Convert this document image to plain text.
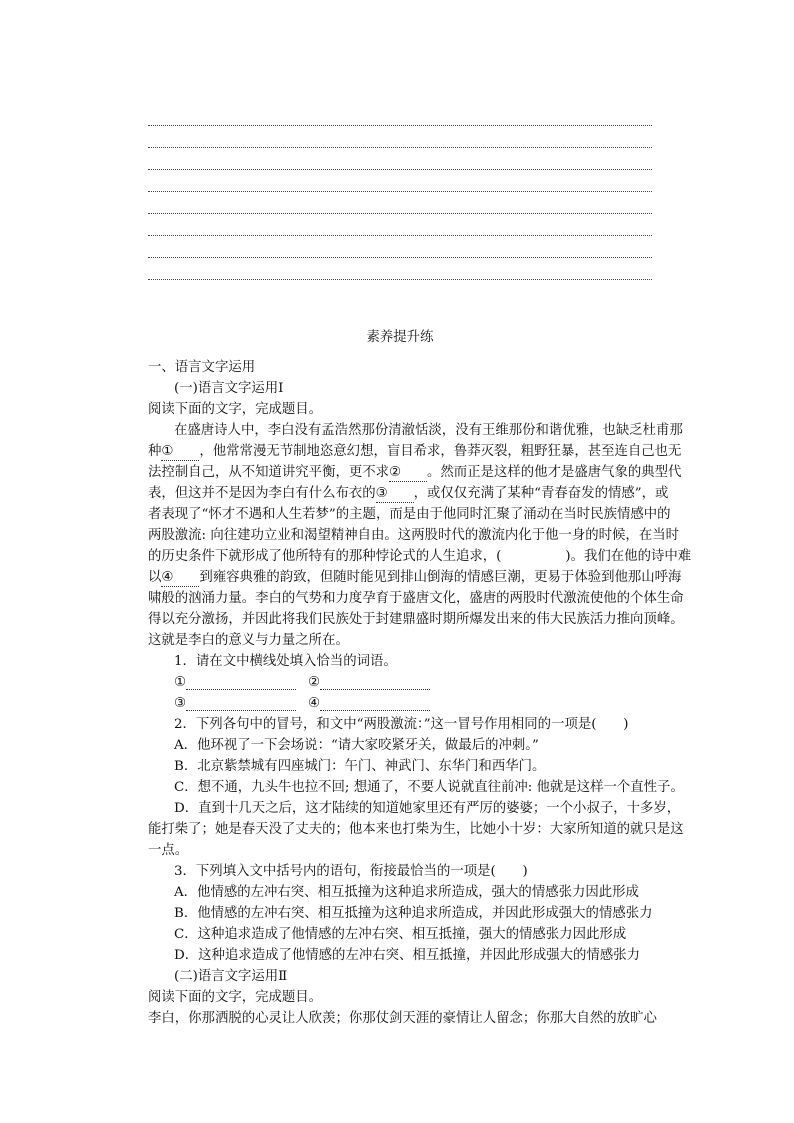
素养提升练
一、语言文字运用
(一)语言文字运用Ⅰ
阅读下面的文字，完成题目。
在盛唐诗人中，李白没有孟浩然那份清澈恬淡，没有王维那份和谐优雅，也缺乏杜甫那
种① ，他常常漫无节制地恣意幻想，盲目希求，鲁莽灭裂，粗野狂暴，甚至连自己也无
法控制自己，从不知道讲究平衡，更不求② 。然而正是这样的他才是盛唐气象的典型代
表，但这并不是因为李白有什么布衣的③ ，或仅仅充满了某种“青春奋发的情感”，或
者表现了“怀才不遇和人生若梦”的主题，而是由于他同时汇聚了涌动在当时民族情感中的
两股激流: 向往建功立业和渴望精神自由。这两股时代的激流内化于他一身的时候，在当时
的历史条件下就形成了他所特有的那种悖论式的人生追求，(	)。我们在他的诗中难
以④ 到雍容典雅的韵致，但随时能见到排山倒海的情感巨潮，更易于体验到他那山呼海
啸般的汹涌力量。李白的气势和力度孕育于盛唐文化，盛唐的两股时代激流使他的个体生命
得以充分激扬，并因此将我们民族处于封建鼎盛时期所爆发出来的伟大民族活力推向顶峰。
这就是李白的意义与力量之所在。
1．请在文中横线处填入恰当的词语。
①	②
③	④
2．下列各句中的冒号，和文中“两股激流：”这一冒号作用相同的一项是(　　)
A．他环视了一下会场说：“请大家咬紧牙关，做最后的冲刺。”
B．北京紫禁城有四座城门：午门、神武门、东华门和西华门。
C．想不通，九头牛也拉不回; 想通了，不要人说就直往前冲: 他就是这样一个直性子。
D．直到十几天之后，这才陆续的知道她家里还有严厉的婆婆；一个小叔子，十多岁，
能打柴了；她是春天没了丈夫的；他本来也打柴为生，比她小十岁：大家所知道的就只是这
一点。
3．下列填入文中括号内的语句，衔接最恰当的一项是(　　)
A．他情感的左冲右突、相互抵撞为这种追求所造成，强大的情感张力因此形成
B．他情感的左冲右突、相互抵撞为这种追求所造成，并因此形成强大的情感张力
C．这种追求造成了他情感的左冲右突、相互抵撞，强大的情感张力因此形成
D．这种追求造成了他情感的左冲右突、相互抵撞，并因此形成强大的情感张力
(二)语言文字运用Ⅱ
阅读下面的文字，完成题目。
李白，你那洒脱的心灵让人欣羡；你那仗剑天涯的豪情让人留念；你那大自然的放旷心
